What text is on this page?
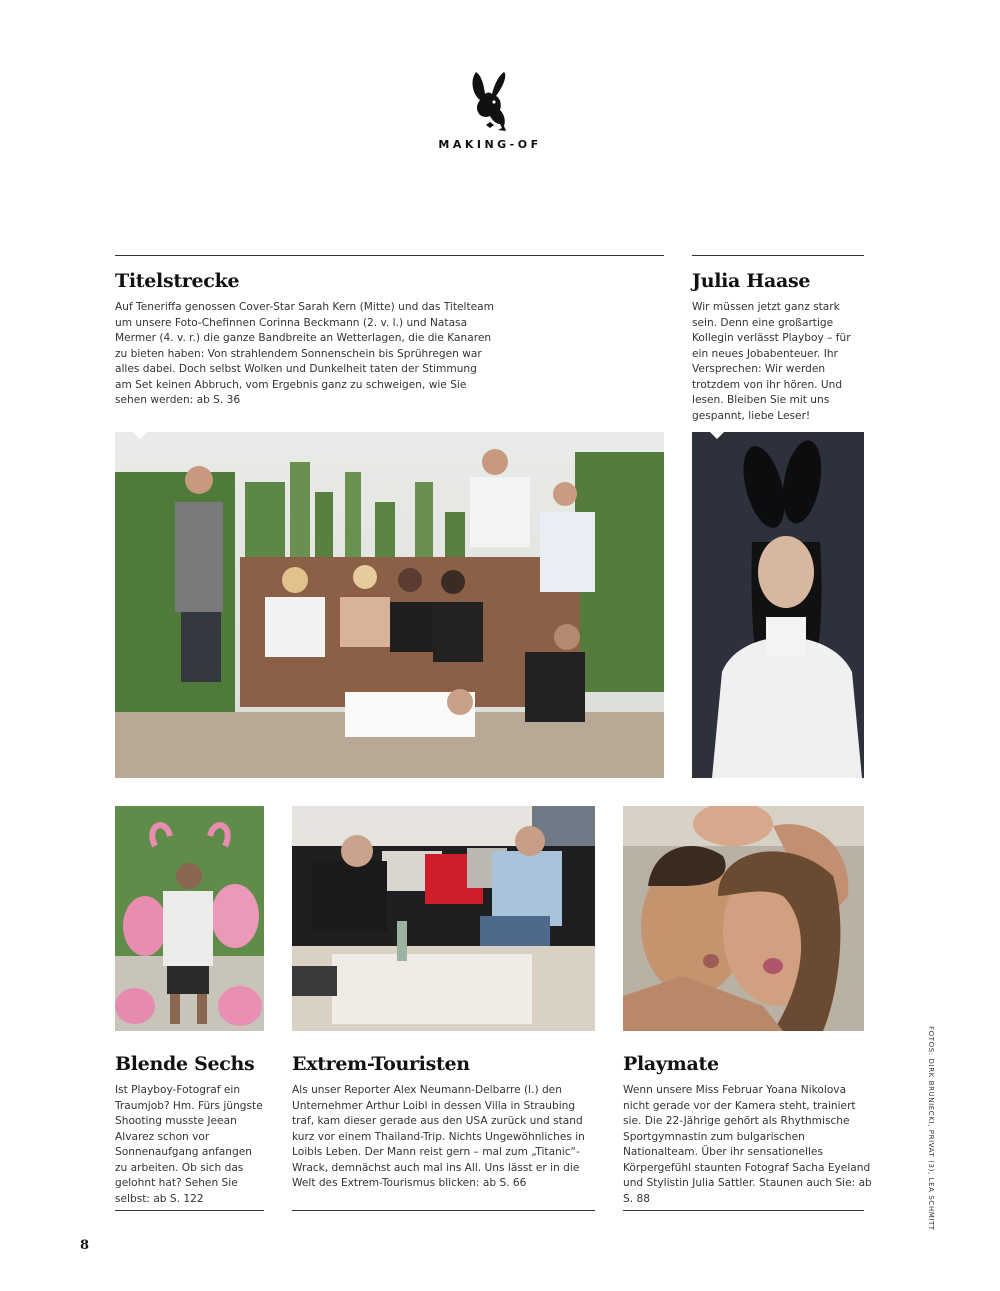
MAKING-OF
Titelstrecke

Auf Teneriffa genossen Cover-Star Sarah Kern (Mitte) und das Titelteam um unsere Foto-Chefinnen Corinna Beckmann (2. v. l.) und Natasa Mermer (4. v. r.) die ganze Bandbreite an Wetterlagen, die die Kanaren zu bieten haben: Von strahlendem Sonnenschein bis Sprühregen war alles dabei. Doch selbst Wolken und Dunkelheit taten der Stimmung am Set keinen Abbruch, vom Ergebnis ganz zu schweigen, wie Sie sehen werden: ab S. 36

Julia Haase

Wir müssen jetzt ganz stark sein. Denn eine großartige Kollegin verlässt Playboy – für ein neues Jobabenteuer. Ihr Versprechen: Wir werden trotzdem von ihr hören. Und lesen. Bleiben Sie mit uns gespannt, liebe Leser!

Blende Sechs

Ist Playboy-Fotograf ein Traumjob? Hm. Fürs jüngste Shooting musste Jeean Alvarez schon vor Sonnenaufgang anfangen zu arbeiten. Ob sich das gelohnt hat? Sehen Sie selbst: ab S. 122

Extrem-Touristen

Als unser Reporter Alex Neumann-Delbarre (l.) den Unternehmer Arthur Loibl in dessen Villa in Straubing traf, kam dieser gerade aus den USA zurück und stand kurz vor einem Thailand-Trip. Nichts Ungewöhnliches in Loibls Leben. Der Mann reist gern – mal zum „Titanic“-Wrack, demnächst auch mal ins All. Uns lässt er in die Welt des Extrem-Tourismus blicken: ab S. 66

Playmate

Wenn unsere Miss Februar Yoana Nikolova nicht gerade vor der Kamera steht, trainiert sie. Die 22-Jährige gehört als Rhythmische Sportgymnastin zum bulgarischen Nationalteam. Über ihr sensationelles Körpergefühl staunten Fotograf Sacha Eyeland und Stylistin Julia Sattler. Staunen auch Sie: ab S. 88

8
FOTOS: DIRK BRUNIECKI, PRIVAT (3), LEA SCHMITT
